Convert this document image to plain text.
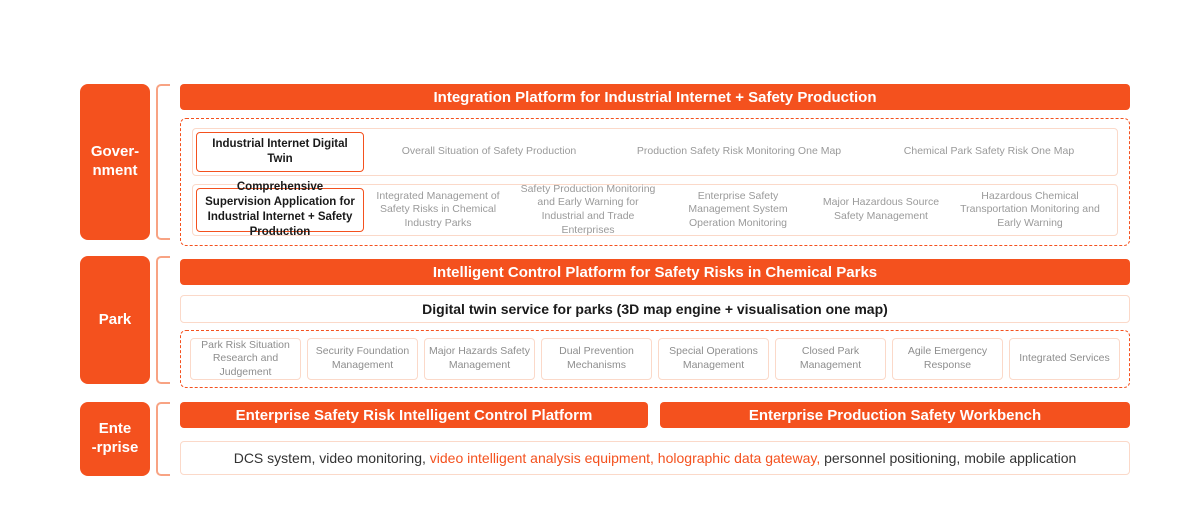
Gover-
nment
Park
Ente
-rprise
Integration Platform for Industrial Internet + Safety Production
Industrial Internet Digital Twin
Overall Situation of Safety Production	Production Safety Risk Monitoring One Map	Chemical Park Safety Risk One Map
Comprehensive Supervision Application for Industrial Internet + Safety Production
Integrated Management of Safety Risks in Chemical Industry Parks
Safety Production Monitoring and Early Warning for Industrial and Trade Enterprises
Enterprise Safety Management System Operation Monitoring
Major Hazardous Source Safety Management
Hazardous Chemical Transportation Monitoring and Early Warning
Intelligent Control Platform for Safety Risks in Chemical Parks
Digital twin service for parks (3D map engine + visualisation one map)
Park Risk Situation Research and Judgement
Security Foundation Management
Major Hazards Safety Management
Dual Prevention Mechanisms
Special Operations Management
Closed Park Management
Agile Emergency Response
Integrated Services
Enterprise Safety Risk Intelligent Control Platform	Enterprise Production Safety Workbench
DCS system, video monitoring, video intelligent analysis equipment, holographic data gateway, personnel positioning, mobile application
